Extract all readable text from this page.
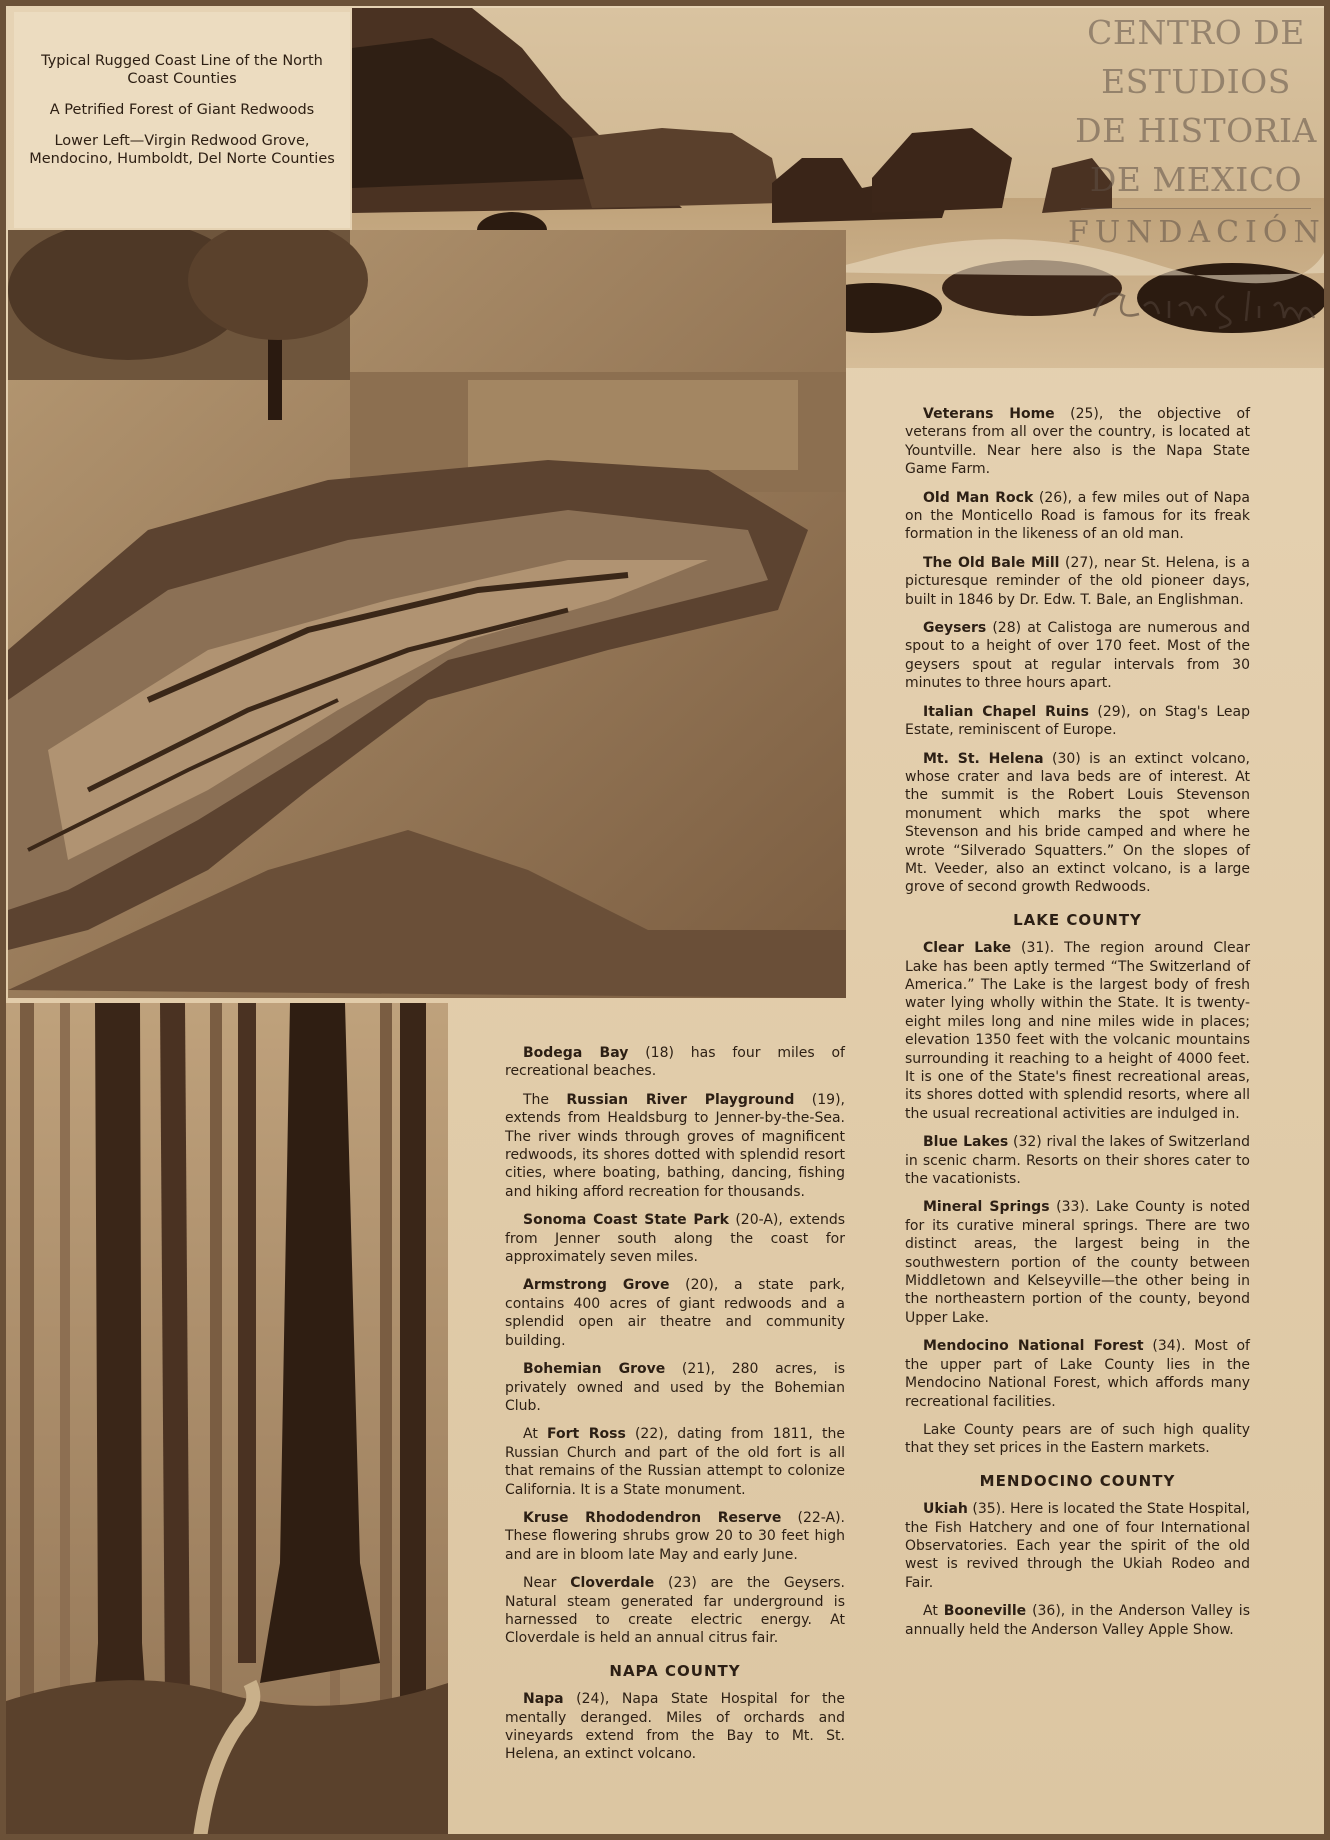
Typical Rugged Coast Line of the North Coast Counties

A Petrified Forest of Giant Redwoods

Lower Left—Virgin Redwood Grove, Mendocino, Humboldt, Del Norte Counties

CENTRO DE
ESTUDIOS
DE HISTORIA
DE MEXICO
FUNDACIÓN

Veterans Home (25), the objective of veterans from all over the country, is located at Yountville. Near here also is the Napa State Game Farm.

Old Man Rock (26), a few miles out of Napa on the Monticello Road is famous for its freak formation in the likeness of an old man.

The Old Bale Mill (27), near St. Helena, is a picturesque reminder of the old pioneer days, built in 1846 by Dr. Edw. T. Bale, an Englishman.

Geysers (28) at Calistoga are numerous and spout to a height of over 170 feet. Most of the geysers spout at regular intervals from 30 minutes to three hours apart.

Italian Chapel Ruins (29), on Stag's Leap Estate, reminiscent of Europe.

Mt. St. Helena (30) is an extinct volcano, whose crater and lava beds are of interest. At the summit is the Robert Louis Stevenson monument which marks the spot where Stevenson and his bride camped and where he wrote “Silverado Squatters.” On the slopes of Mt. Veeder, also an extinct volcano, is a large grove of second growth Redwoods.

LAKE COUNTY

Clear Lake (31). The region around Clear Lake has been aptly termed “The Switzerland of America.” The Lake is the largest body of fresh water lying wholly within the State. It is twenty-eight miles long and nine miles wide in places; elevation 1350 feet with the volcanic mountains surrounding it reaching to a height of 4000 feet. It is one of the State's finest recreational areas, its shores dotted with splendid resorts, where all the usual recreational activities are indulged in.

Blue Lakes (32) rival the lakes of Switzerland in scenic charm. Resorts on their shores cater to the vacationists.

Mineral Springs (33). Lake County is noted for its curative mineral springs. There are two distinct areas, the largest being in the southwestern portion of the county between Middletown and Kelseyville—the other being in the northeastern portion of the county, beyond Upper Lake.

Mendocino National Forest (34). Most of the upper part of Lake County lies in the Mendocino National Forest, which affords many recreational facilities.

Lake County pears are of such high quality that they set prices in the Eastern markets.

MENDOCINO COUNTY

Ukiah (35). Here is located the State Hospital, the Fish Hatchery and one of four International Observatories. Each year the spirit of the old west is revived through the Ukiah Rodeo and Fair.

At Booneville (36), in the Anderson Valley is annually held the Anderson Valley Apple Show.

Bodega Bay (18) has four miles of recreational beaches.

The Russian River Playground (19), extends from Healdsburg to Jenner-by-the-Sea. The river winds through groves of magnificent redwoods, its shores dotted with splendid resort cities, where boating, bathing, dancing, fishing and hiking afford recreation for thousands.

Sonoma Coast State Park (20-A), extends from Jenner south along the coast for approximately seven miles.

Armstrong Grove (20), a state park, contains 400 acres of giant redwoods and a splendid open air theatre and community building.

Bohemian Grove (21), 280 acres, is privately owned and used by the Bohemian Club.

At Fort Ross (22), dating from 1811, the Russian Church and part of the old fort is all that remains of the Russian attempt to colonize California. It is a State monument.

Kruse Rhododendron Reserve (22-A). These flowering shrubs grow 20 to 30 feet high and are in bloom late May and early June.

Near Cloverdale (23) are the Geysers. Natural steam generated far underground is harnessed to create electric energy. At Cloverdale is held an annual citrus fair.

NAPA COUNTY

Napa (24), Napa State Hospital for the mentally deranged. Miles of orchards and vineyards extend from the Bay to Mt. St. Helena, an extinct volcano.
